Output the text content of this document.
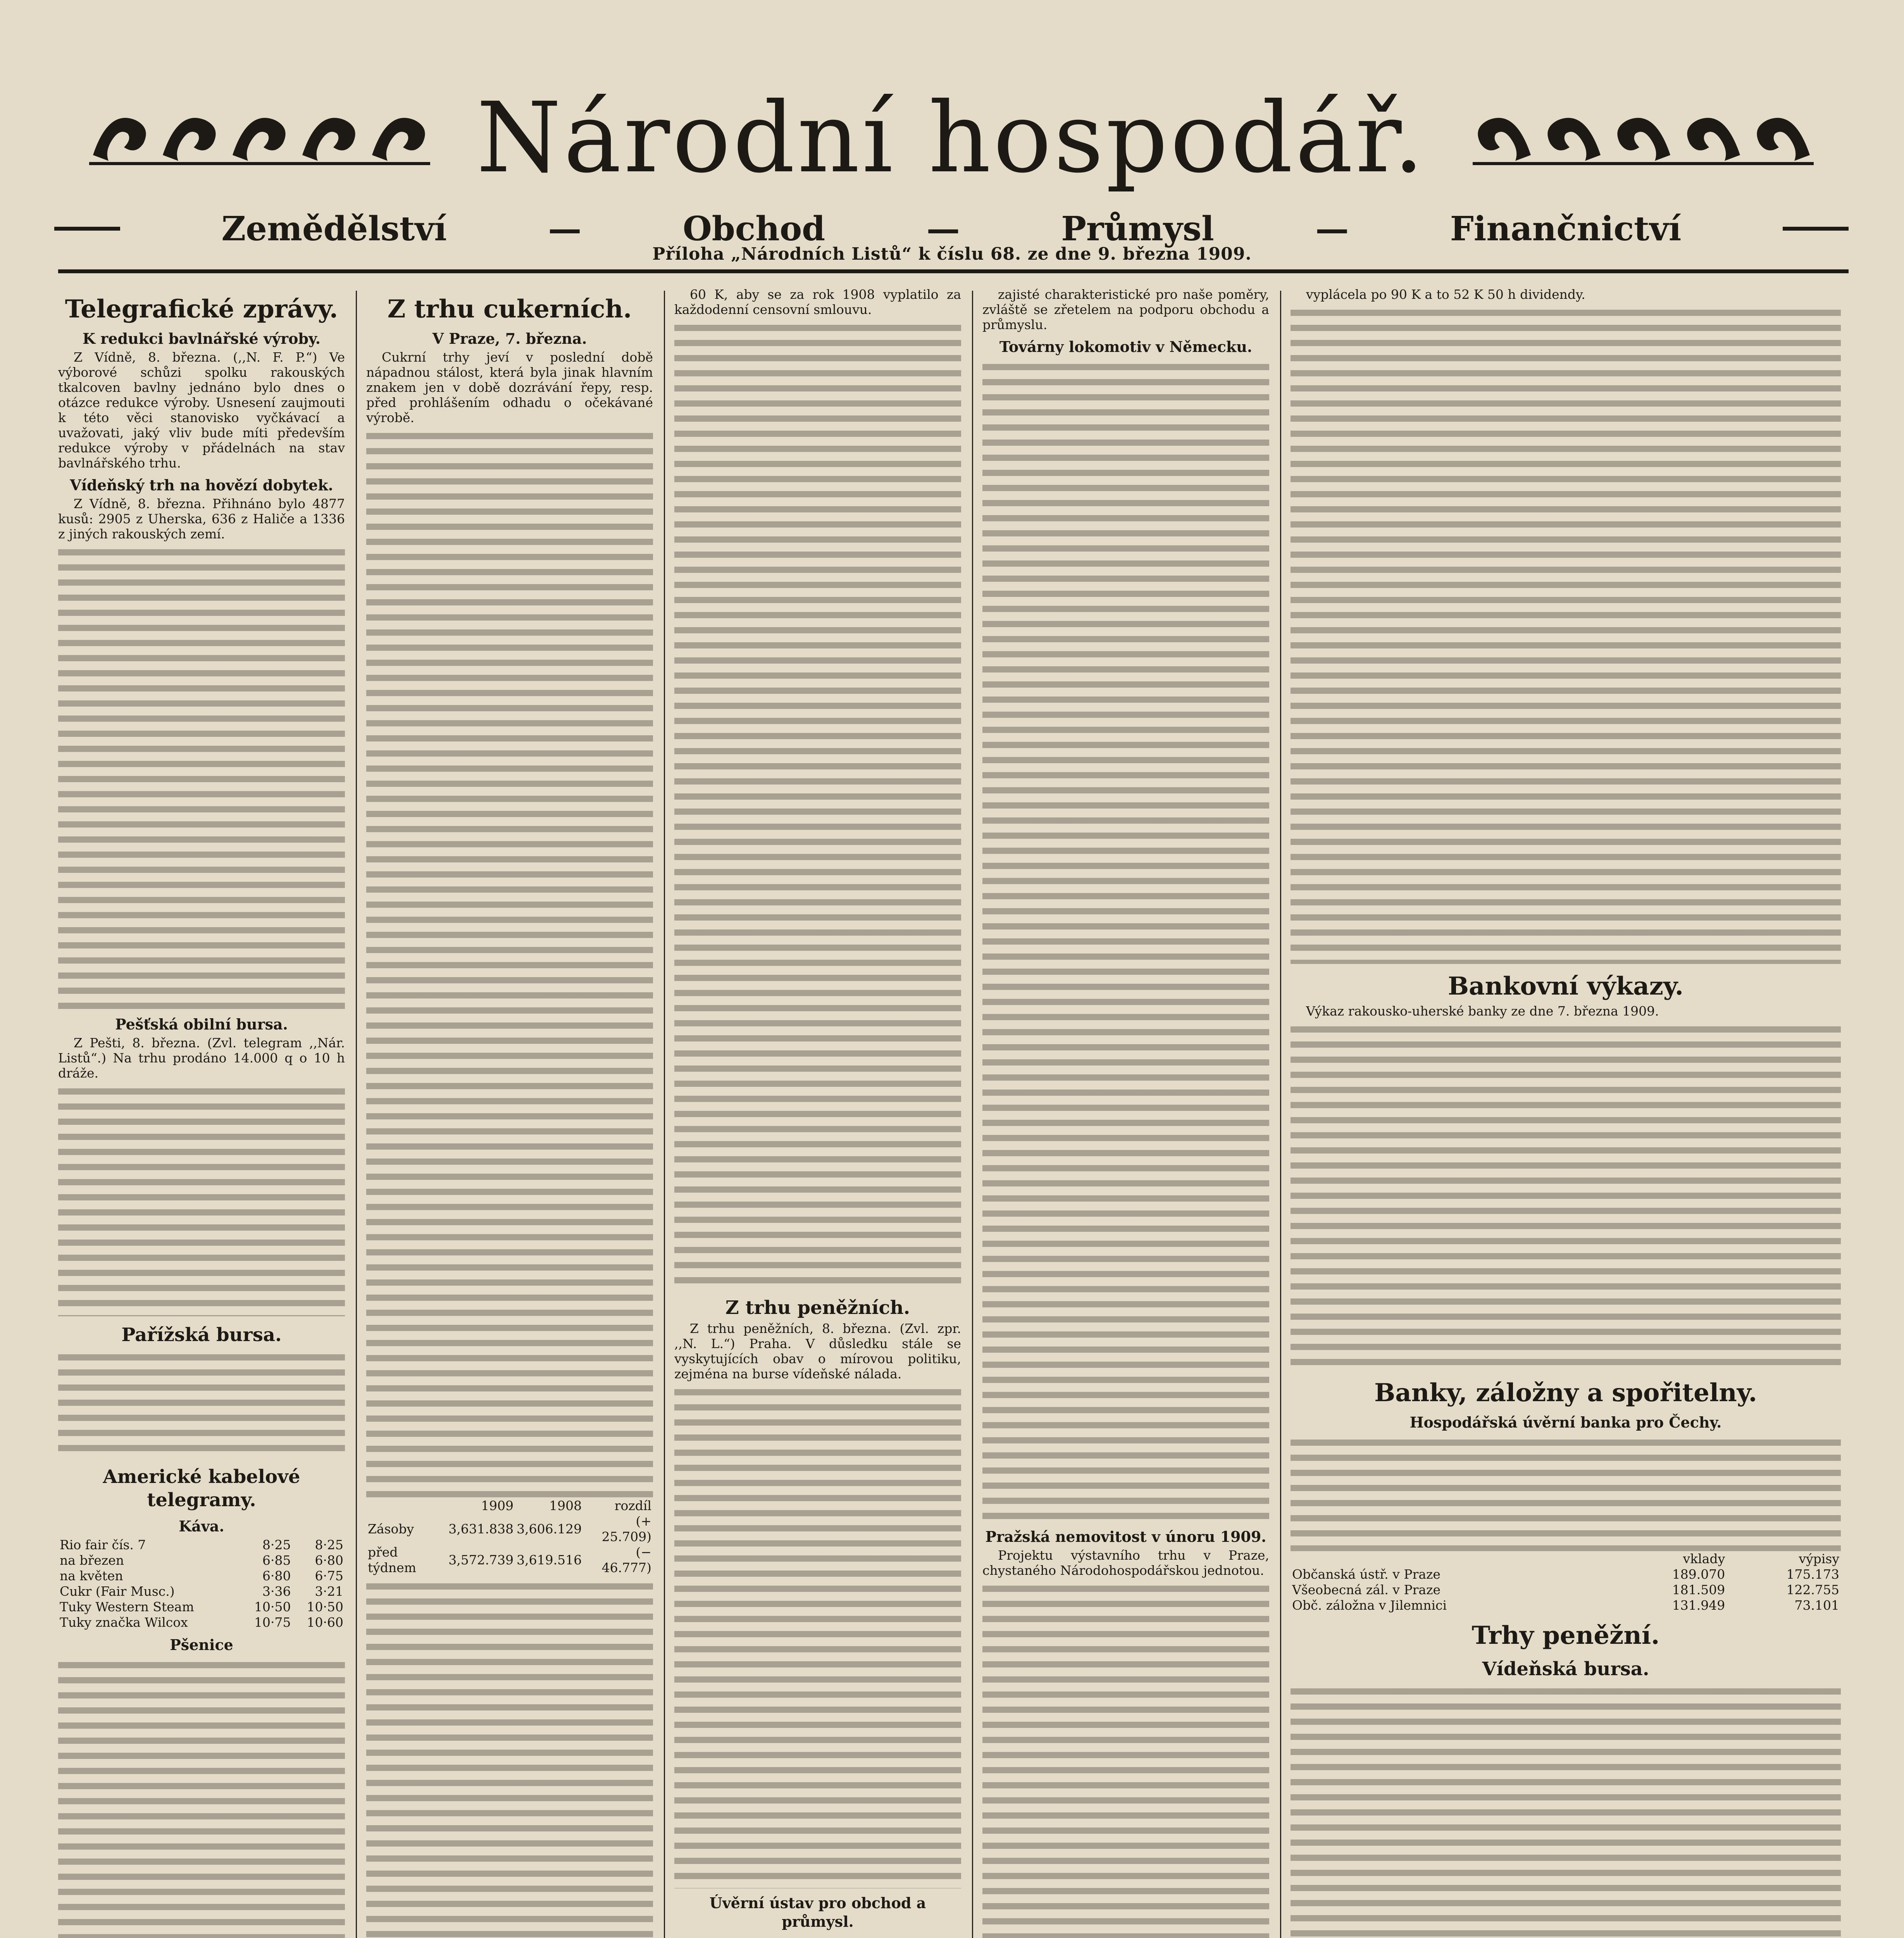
Národní hospodář.
Zemědělství	—	Obchod	—	Průmysl	—	Finančnictví
Příloha „Národních Listů“ k číslu 68. ze dne 9. března 1909.
Telegrafické zprávy.
K redukci bavlnářské výroby.

Z Vídně, 8. března. (,,N. F. P.“) Ve výborové schůzi spolku rakouských tkalcoven bavlny jednáno bylo dnes o otázce redukce výroby. Usnesení zaujmouti k této věci stanovisko vyčkávací a uvažovati, jaký vliv bude míti především redukce výroby v přádelnách na stav bavlnářského trhu.

Vídeňský trh na hovězí dobytek.

Z Vídně, 8. března. Přihnáno bylo 4877 kusů: 2905 z Uherska, 636 z Haliče a 1336 z jiných rakouských zemí.

Pešťská obilní bursa.

Z Pešti, 8. března. (Zvl. telegram ,,Nár. Listů“.) Na trhu prodáno 14.000 q o 10 h dráže.

Pařížská bursa.
Americké kabelové telegramy.
Káva.
Rio fair čís. 7	8·25	8·25
na březen	6·85	6·80
na květen	6·80	6·75
Cukr (Fair Musc.)	3·36	3·21
Tuky Western Steam	10·50	10·50
Tuky značka Wilcox	10·75	10·60
Pšenice
Z trhu cukerních.
V Praze, 7. března.

Cukrní trhy jeví v poslední době nápadnou stálost, která byla jinak hlavním znakem jen v době dozrávání řepy, resp. před prohlášením odhadu o očekávané výrobě.

	1909	1908	rozdíl
Zásoby	3,631.838	3,606.129	(+ 25.709)
před týdnem	3,572.739	3,619.516	(− 46.777)

60 K, aby se za rok 1908 vyplatilo za každodenní censovní smlouvu.

Z trhu peněžních.

Z trhu peněžních, 8. března. (Zvl. zpr. ,,N. L.“) Praha. V důsledku stále se vyskytujících obav o mírovou politiku, zejména na burse vídeňské nálada.

Úvěrní ústav pro obchod a průmysl.

zajisté charakteristické pro naše poměry, zvláště se zřetelem na podporu obchodu a průmyslu.

Továrny lokomotiv v Německu.
Pražská nemovitost v únoru 1909.

Projektu výstavního trhu v Praze, chystaného Národohospodářskou jednotou.

vyplácela po 90 K a to 52 K 50 h dividendy.

Bankovní výkazy.

Výkaz rakousko-uherské banky ze dne 7. března 1909.

Banky, záložny a spořitelny.
Hospodářská úvěrní banka pro Čechy.
	vklady	výpisy
Občanská ústř. v Praze	189.070	175.173
Všeobecná zál. v Praze	181.509	122.755
Obč. záložna v Jilemnici	131.949	73.101
Trhy peněžní.
Vídeňská bursa.
